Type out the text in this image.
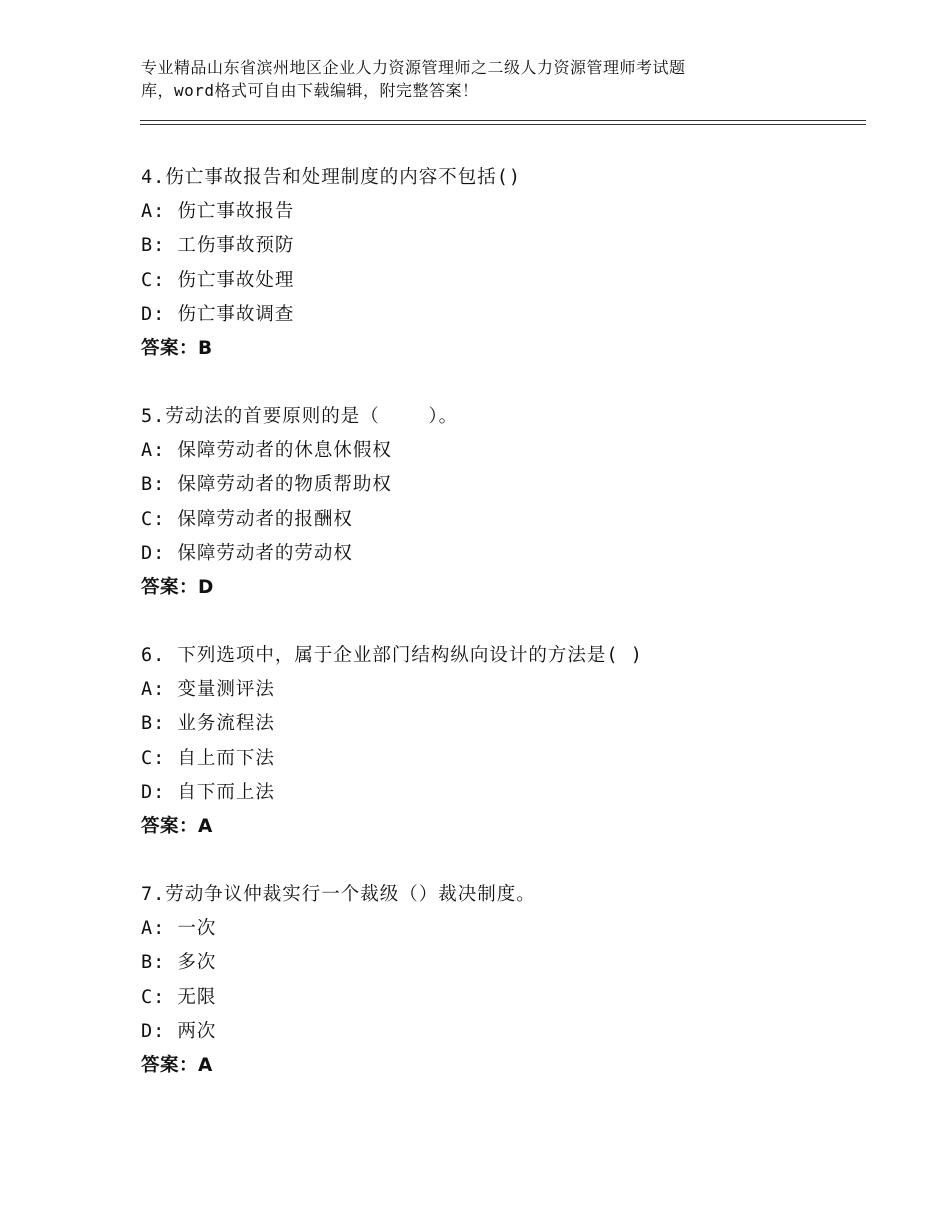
专业精品山东省滨州地区企业人力资源管理师之二级人力资源管理师考试题
库，word格式可自由下载编辑，附完整答案！
4.伤亡事故报告和处理制度的内容不包括()
A: 伤亡事故报告
B: 工伤事故预防
C: 伤亡事故处理
D: 伤亡事故调查
答案：B
5.劳动法的首要原则的是（    ）。
A: 保障劳动者的休息休假权
B: 保障劳动者的物质帮助权
C: 保障劳动者的报酬权
D: 保障劳动者的劳动权
答案：D
6. 下列选项中，属于企业部门结构纵向设计的方法是( )
A: 变量测评法
B: 业务流程法
C: 自上而下法
D: 自下而上法
答案：A
7.劳动争议仲裁实行一个裁级（）裁决制度。
A: 一次
B: 多次
C: 无限
D: 两次
答案：A
